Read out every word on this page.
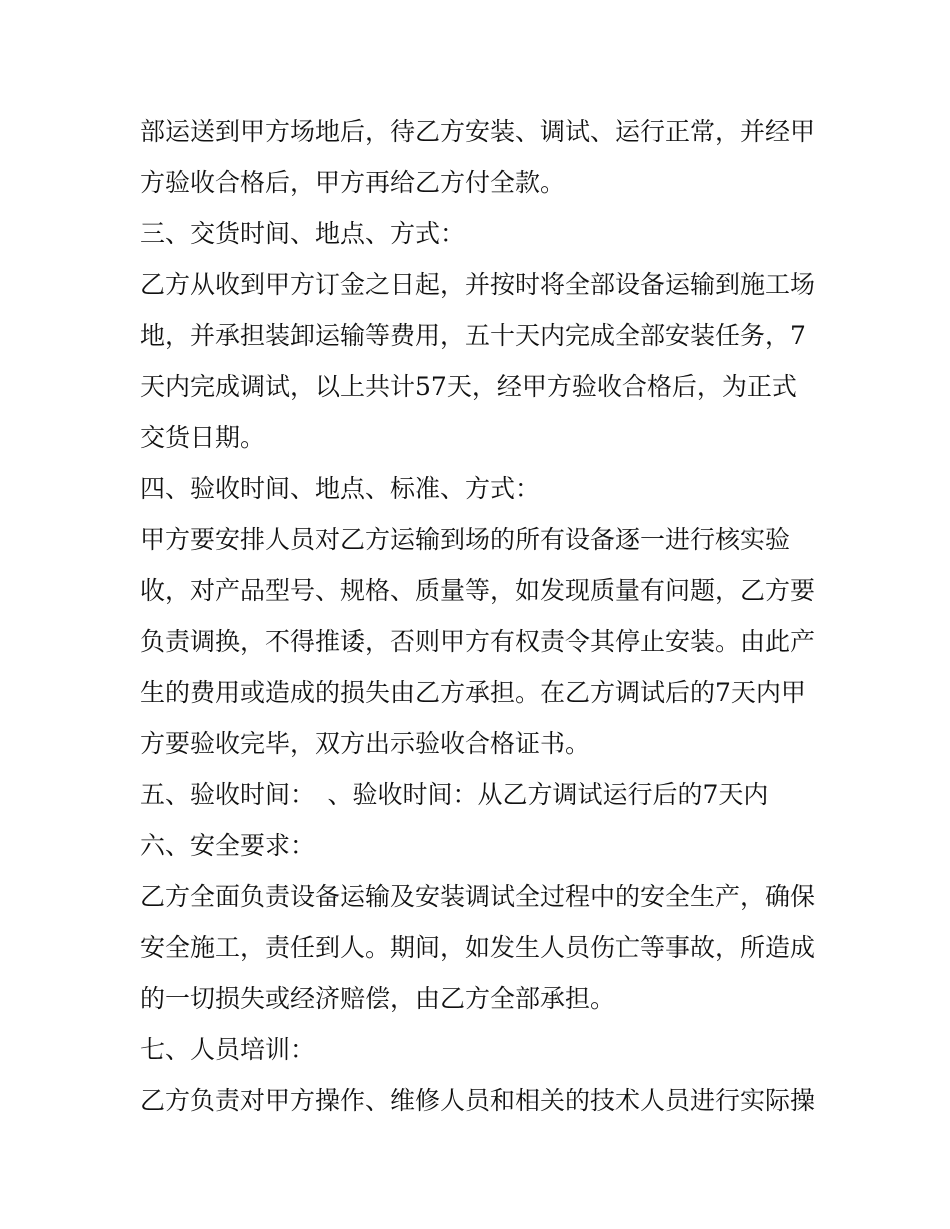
部运送到甲方场地后，待乙方安装、调试、运行正常，并经甲
方验收合格后，甲方再给乙方付全款。
三、交货时间、地点、方式：
乙方从收到甲方订金之日起，并按时将全部设备运输到施工场
地，并承担装卸运输等费用，五十天内完成全部安装任务，7
天内完成调试，以上共计57天，经甲方验收合格后，为正式
交货日期。
四、验收时间、地点、标准、方式：
甲方要安排人员对乙方运输到场的所有设备逐一进行核实验
收，对产品型号、规格、质量等，如发现质量有问题，乙方要
负责调换，不得推诿，否则甲方有权责令其停止安装。由此产
生的费用或造成的损失由乙方承担。在乙方调试后的7天内甲
方要验收完毕，双方出示验收合格证书。
五、验收时间：　、验收时间：从乙方调试运行后的7天内
六、安全要求：
乙方全面负责设备运输及安装调试全过程中的安全生产，确保
安全施工，责任到人。期间，如发生人员伤亡等事故，所造成
的一切损失或经济赔偿，由乙方全部承担。
七、人员培训：
乙方负责对甲方操作、维修人员和相关的技术人员进行实际操
